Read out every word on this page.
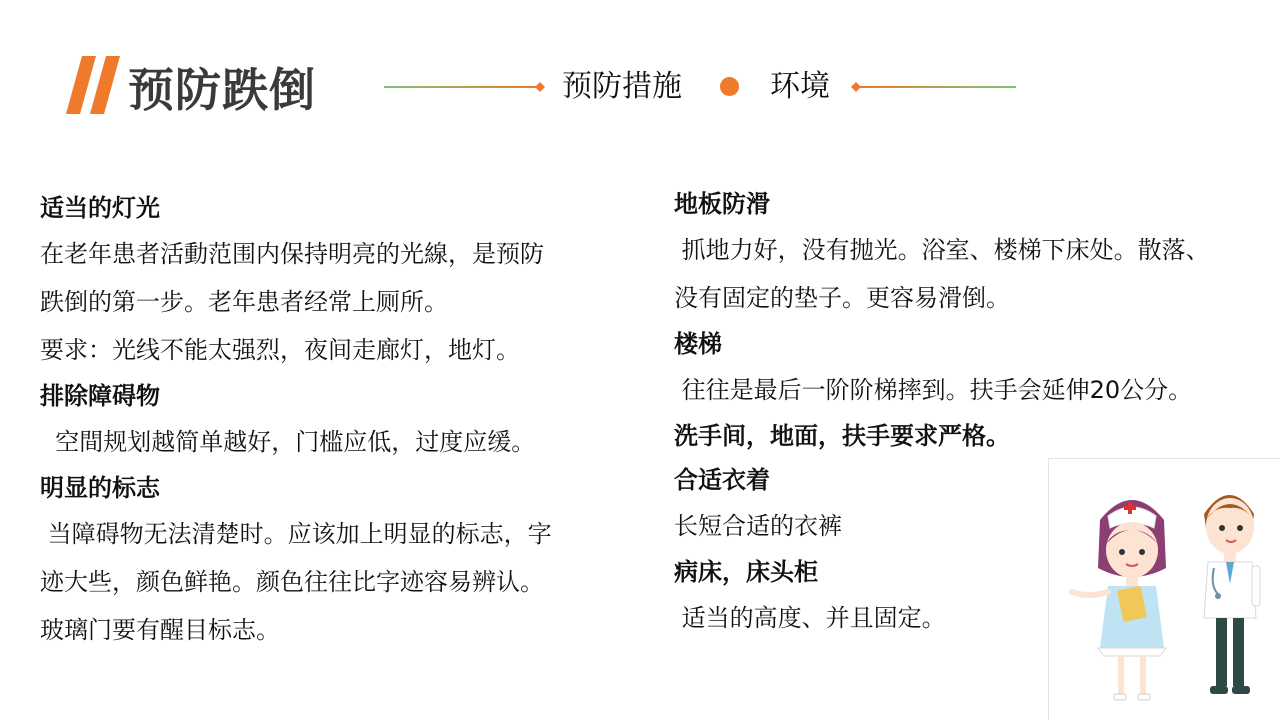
预防跌倒	预防措施	环境

适当的灯光

在老年患者活動范围内保持明亮的光線，是预防

跌倒的第一步。老年患者经常上厕所。

要求：光线不能太强烈，夜间走廊灯，地灯。

排除障碍物

空間规划越简单越好，门槛应低，过度应缓。

明显的标志

当障碍物无法清楚时。应该加上明显的标志，字

迹大些，颜色鲜艳。颜色往往比字迹容易辨认。

玻璃门要有醒目标志。

地板防滑

抓地力好，没有抛光。浴室、楼梯下床处。散落、

没有固定的垫子。更容易滑倒。

楼梯

往往是最后一阶阶梯摔到。扶手会延伸20公分。

洗手间，地面，扶手要求严格。

合适衣着

长短合适的衣裤

病床，床头柜

适当的高度、并且固定。
